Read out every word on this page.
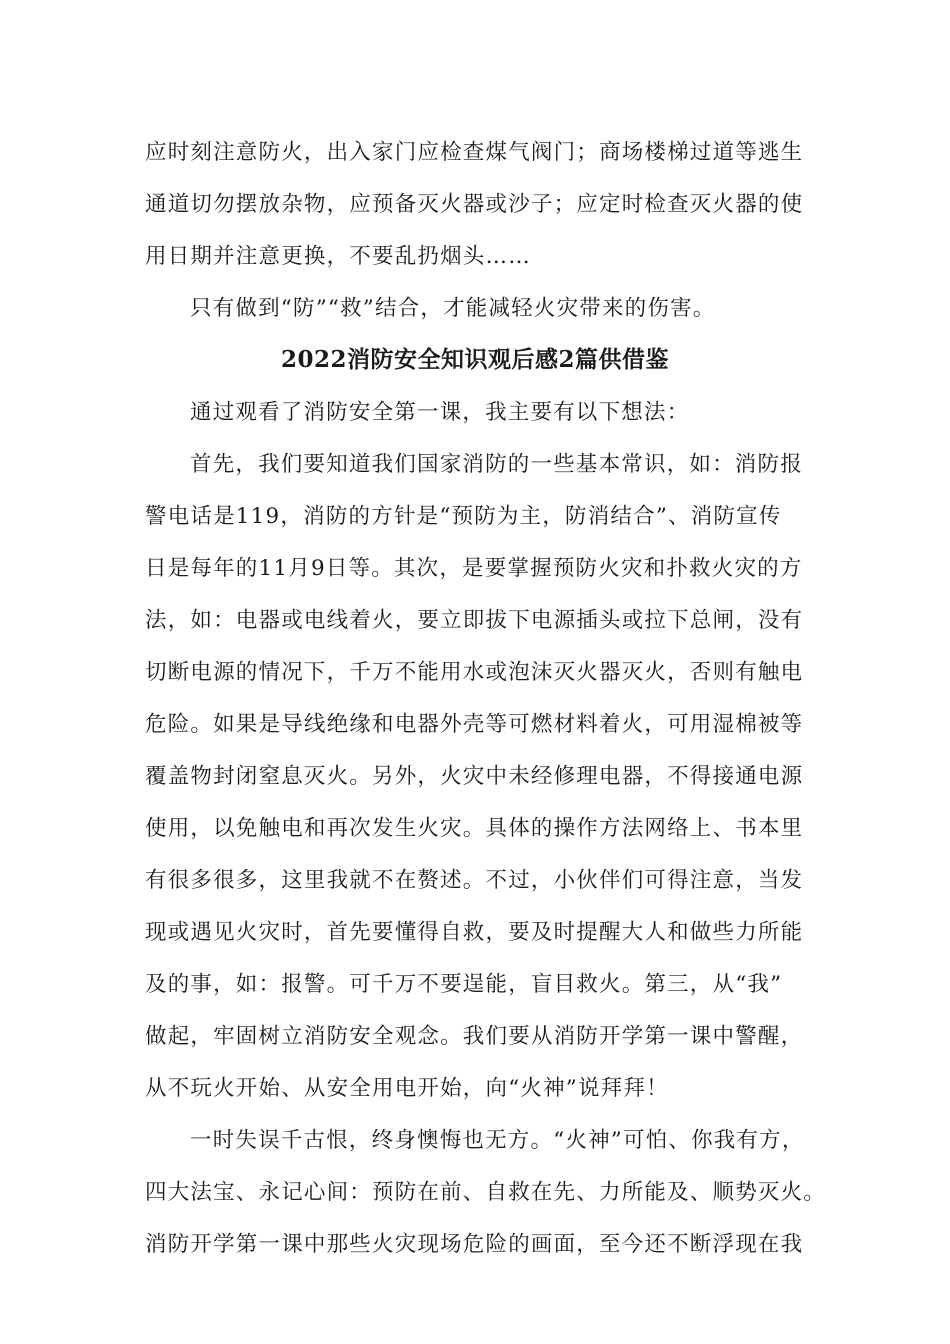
应时刻注意防火，出入家门应检查煤气阀门；商场楼梯过道等逃生
通道切勿摆放杂物，应预备灭火器或沙子；应定时检查灭火器的使
用日期并注意更换，不要乱扔烟头……
只有做到“防”“救”结合，才能减轻火灾带来的伤害。
2022消防安全知识观后感2篇供借鉴
通过观看了消防安全第一课，我主要有以下想法：
首先，我们要知道我们国家消防的一些基本常识，如：消防报
警电话是119，消防的方针是“预防为主，防消结合”、消防宣传
日是每年的11月9日等。其次，是要掌握预防火灾和扑救火灾的方
法，如：电器或电线着火，要立即拔下电源插头或拉下总闸，没有
切断电源的情况下，千万不能用水或泡沫灭火器灭火，否则有触电
危险。如果是导线绝缘和电器外壳等可燃材料着火，可用湿棉被等
覆盖物封闭窒息灭火。另外，火灾中未经修理电器，不得接通电源
使用，以免触电和再次发生火灾。具体的操作方法网络上、书本里
有很多很多，这里我就不在赘述。不过，小伙伴们可得注意，当发
现或遇见火灾时，首先要懂得自救，要及时提醒大人和做些力所能
及的事，如：报警。可千万不要逞能，盲目救火。第三，从“我”
做起，牢固树立消防安全观念。我们要从消防开学第一课中警醒，
从不玩火开始、从安全用电开始，向“火神”说拜拜！
一时失误千古恨，终身懊悔也无方。“火神”可怕、你我有方，
四大法宝、永记心间：预防在前、自救在先、力所能及、顺势灭火。
消防开学第一课中那些火灾现场危险的画面，至今还不断浮现在我
